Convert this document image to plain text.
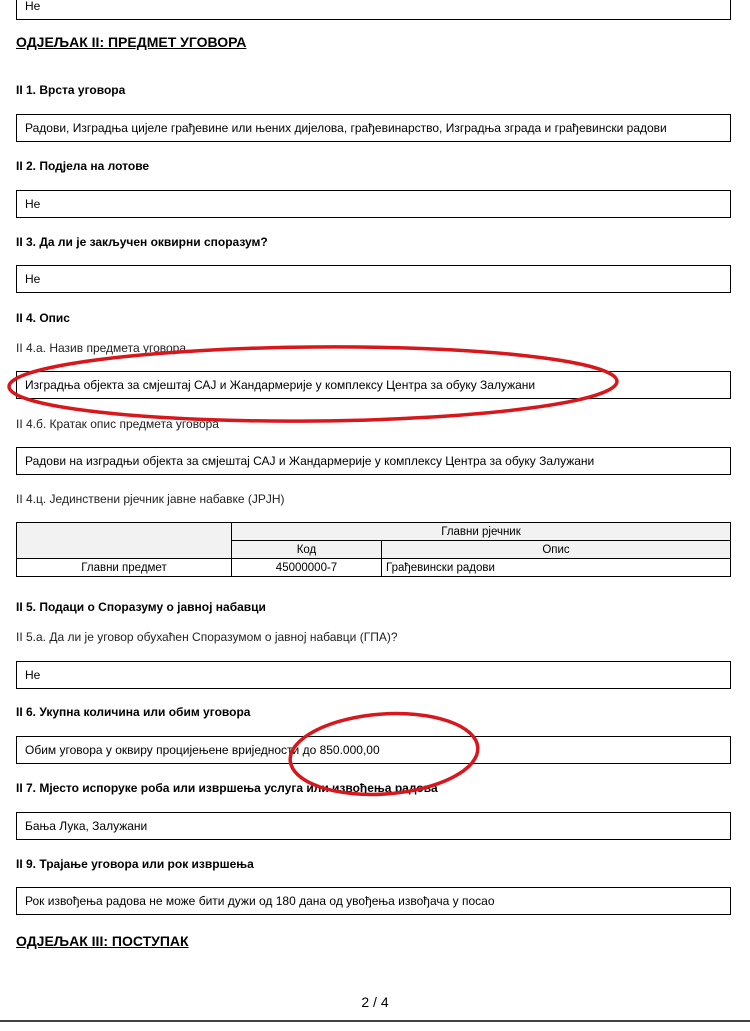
Не
ОДЈЕЉАК II: ПРЕДМЕТ УГОВОРА
II 1. Врста уговора
Радови, Изградња цијеле грађевине или њених дијелова, грађевинарство, Изградња зграда и грађевински радови
II 2. Подјела на лотове
Не
II 3. Да ли је закључен оквирни споразум?
Не
II 4. Опис
II 4.а. Назив предмета уговора
Изградња објекта за смјештај САЈ и Жандармерије у комплексу Центра за обуку Залужани
II 4.б. Кратак опис предмета уговора
Радови на изградњи објекта за смјештај САЈ и Жандармерије у комплексу Центра за обуку Залужани
II 4.ц. Јединствени рјечник јавне набавке (ЈРЈН)
	Главни рјечник	
	Код	Опис
Главни предмет	45000000-7	Грађевински радови
II 5. Подаци о Споразуму о јавној набавци
II 5.а. Да ли је уговор обухаћен Споразумом о јавној набавци (ГПА)?
Не
II 6. Укупна количина или обим уговора
Обим уговора у оквиру процијењене вриједности до 850.000,00
II 7. Мјесто испоруке роба или извршења услуга или извођења радова
Бања Лука, Залужани
II 9. Трајање уговора или рок извршења
Рок извођења радова не може бити дужи од 180 дана од увођења извођача у посао
ОДЈЕЉАК III: ПОСТУПАК
2 / 4
